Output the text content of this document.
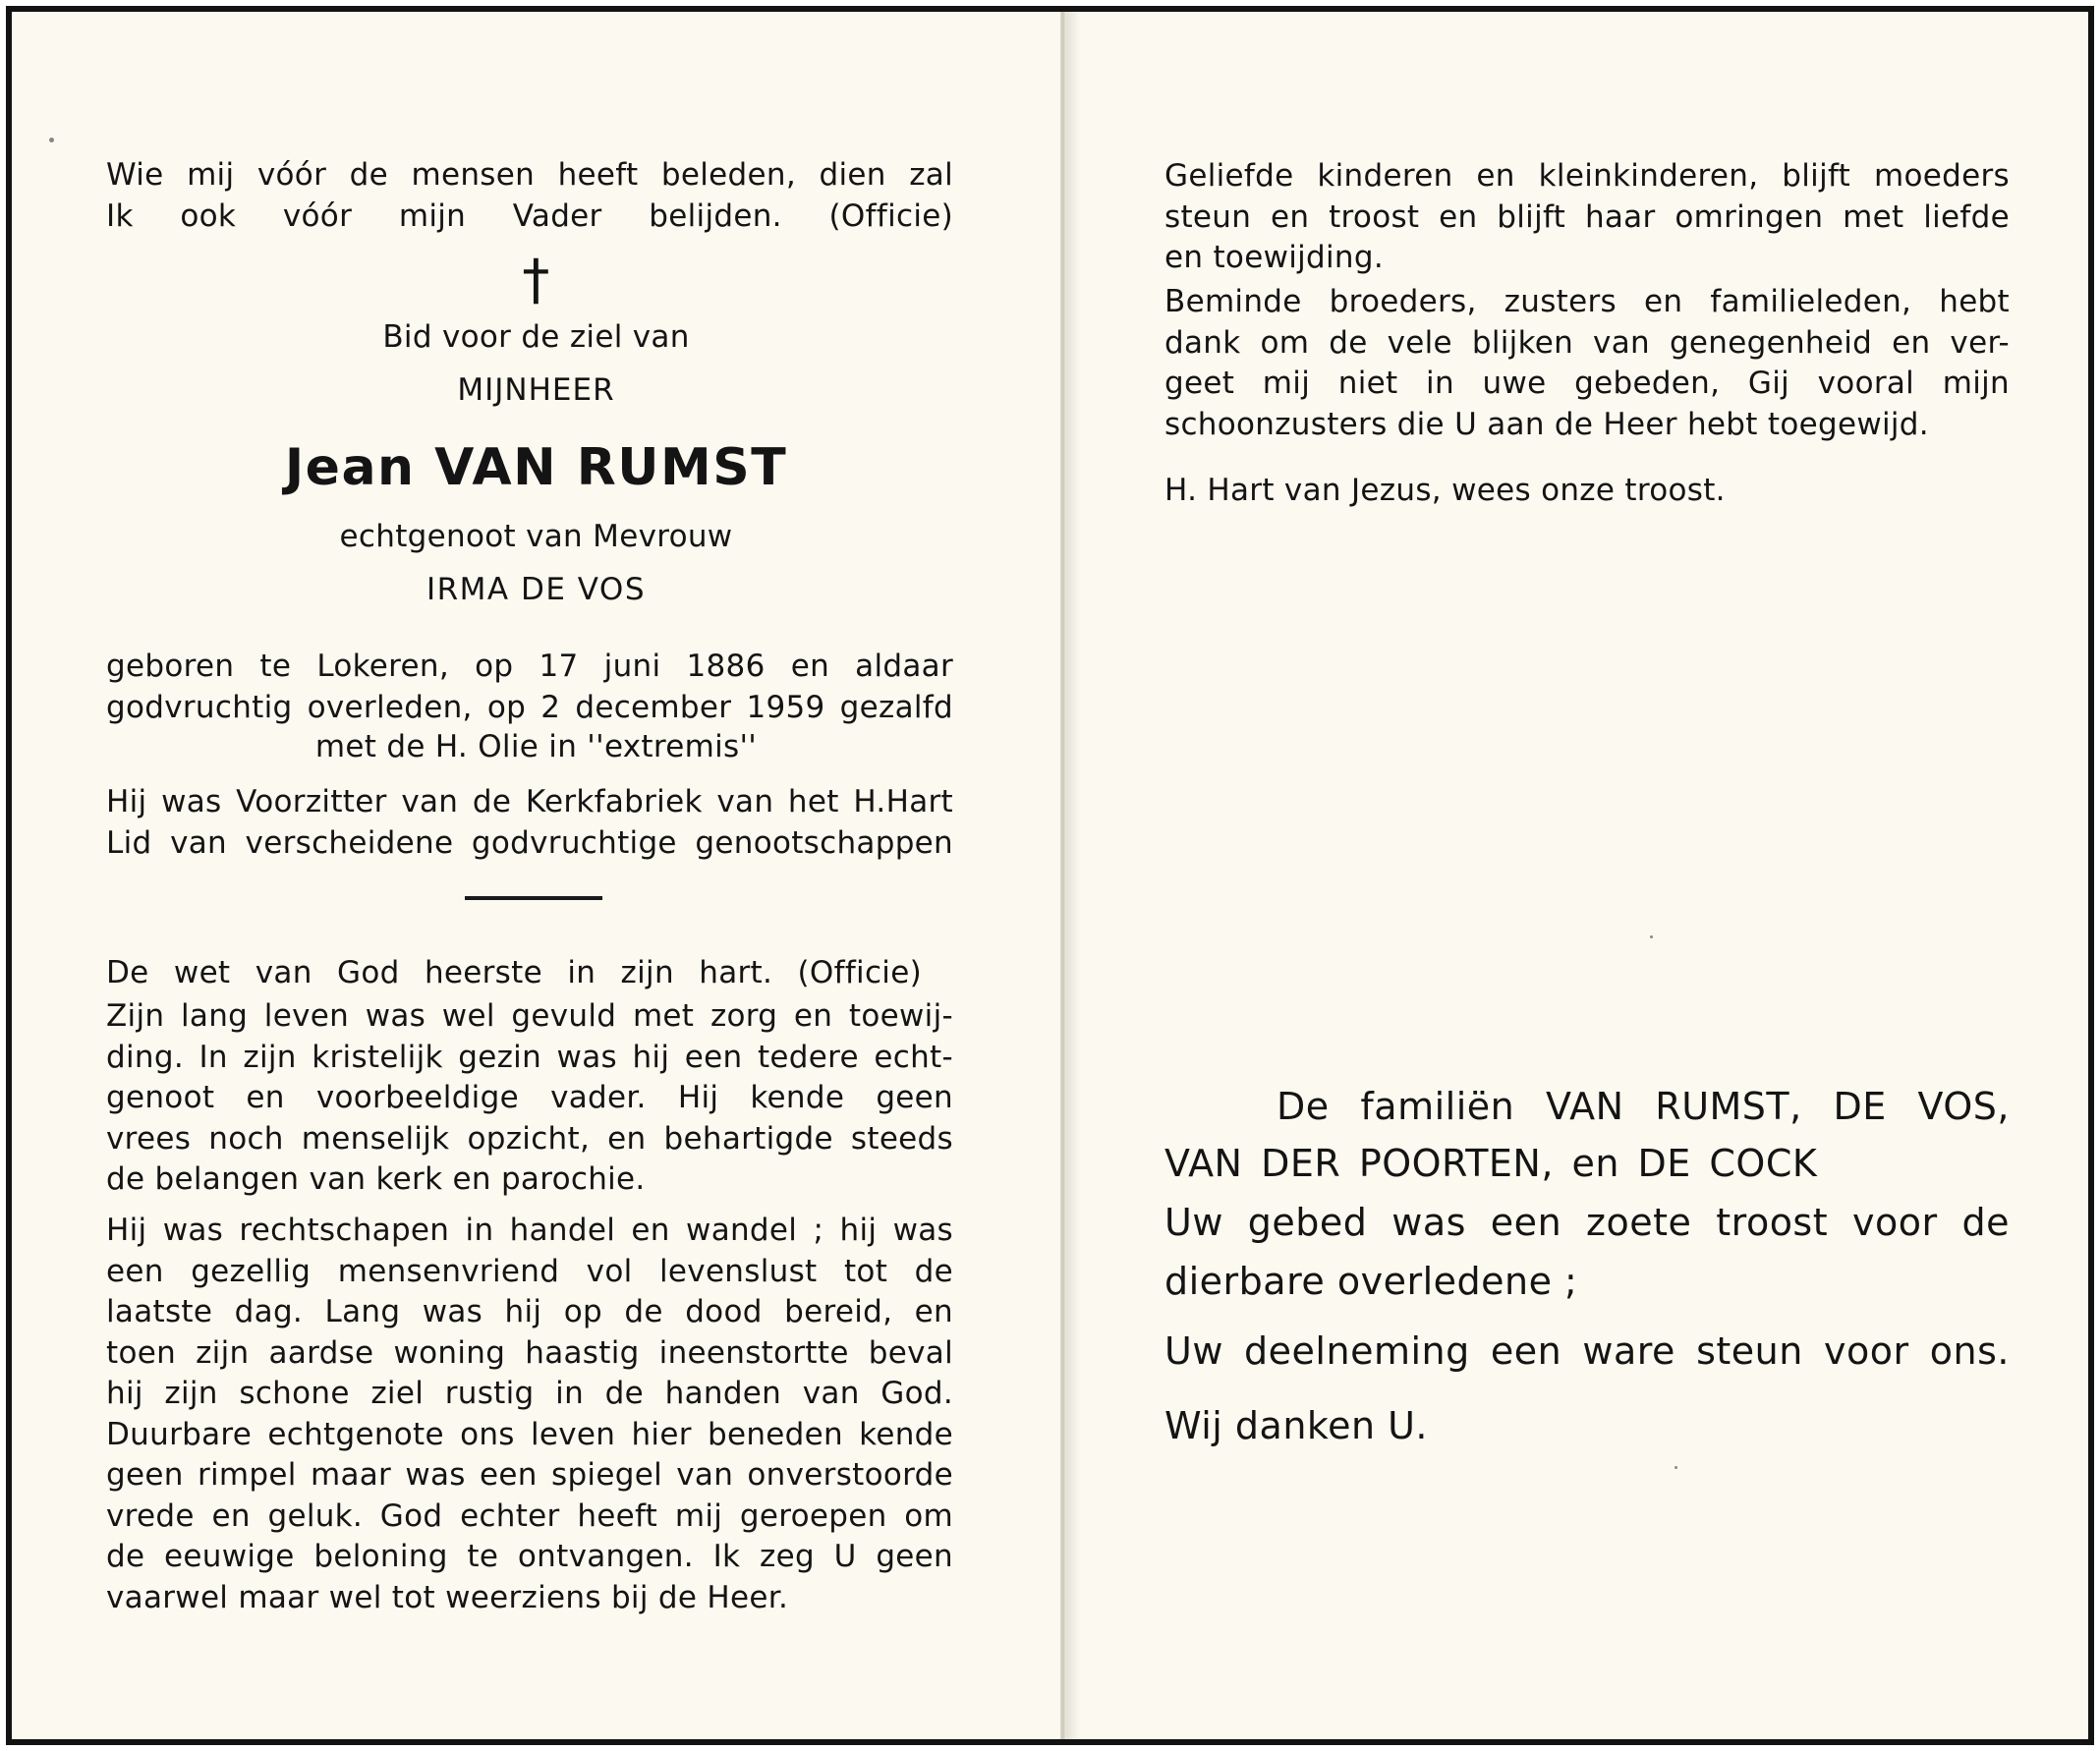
Wie mij vóór de mensen heeft beleden, dien zal
Ik ook vóór mijn Vader belijden. (Officie)
†
Bid voor de ziel van
MIJNHEER
Jean VAN RUMST
echtgenoot van Mevrouw
IRMA DE VOS
geboren te Lokeren, op 17 juni 1886 en aldaar
godvruchtig overleden, op 2 december 1959 gezalfd
met de H. Olie in ''extremis''
Hij was Voorzitter van de Kerkfabriek van het H.Hart
Lid van verscheidene godvruchtige genootschappen
De wet van God heerste in zijn hart. (Officie)
Zijn lang leven was wel gevuld met zorg en toewij-
ding. In zijn kristelijk gezin was hij een tedere echt-
genoot en voorbeeldige vader. Hij kende geen
vrees noch menselijk opzicht, en behartigde steeds
de belangen van kerk en parochie.
Hij was rechtschapen in handel en wandel ; hij was
een gezellig mensenvriend vol levenslust tot de
laatste dag. Lang was hij op de dood bereid, en
toen zijn aardse woning haastig ineenstortte beval
hij zijn schone ziel rustig in de handen van God.
Duurbare echtgenote ons leven hier beneden kende
geen rimpel maar was een spiegel van onverstoorde
vrede en geluk. God echter heeft mij geroepen om
de eeuwige beloning te ontvangen. Ik zeg U geen
vaarwel maar wel tot weerziens bij de Heer.
Geliefde kinderen en kleinkinderen, blijft moeders
steun en troost en blijft haar omringen met liefde
en toewijding.
Beminde broeders, zusters en familieleden, hebt
dank om de vele blijken van genegenheid en ver-
geet mij niet in uwe gebeden, Gij vooral mijn
schoonzusters die U aan de Heer hebt toegewijd.
H. Hart van Jezus, wees onze troost.
De familiën VAN RUMST, DE VOS,
VAN DER POORTEN, en DE COCK
Uw gebed was een zoete troost voor de
dierbare overledene ;
Uw deelneming een ware steun voor ons.
Wij danken U.
